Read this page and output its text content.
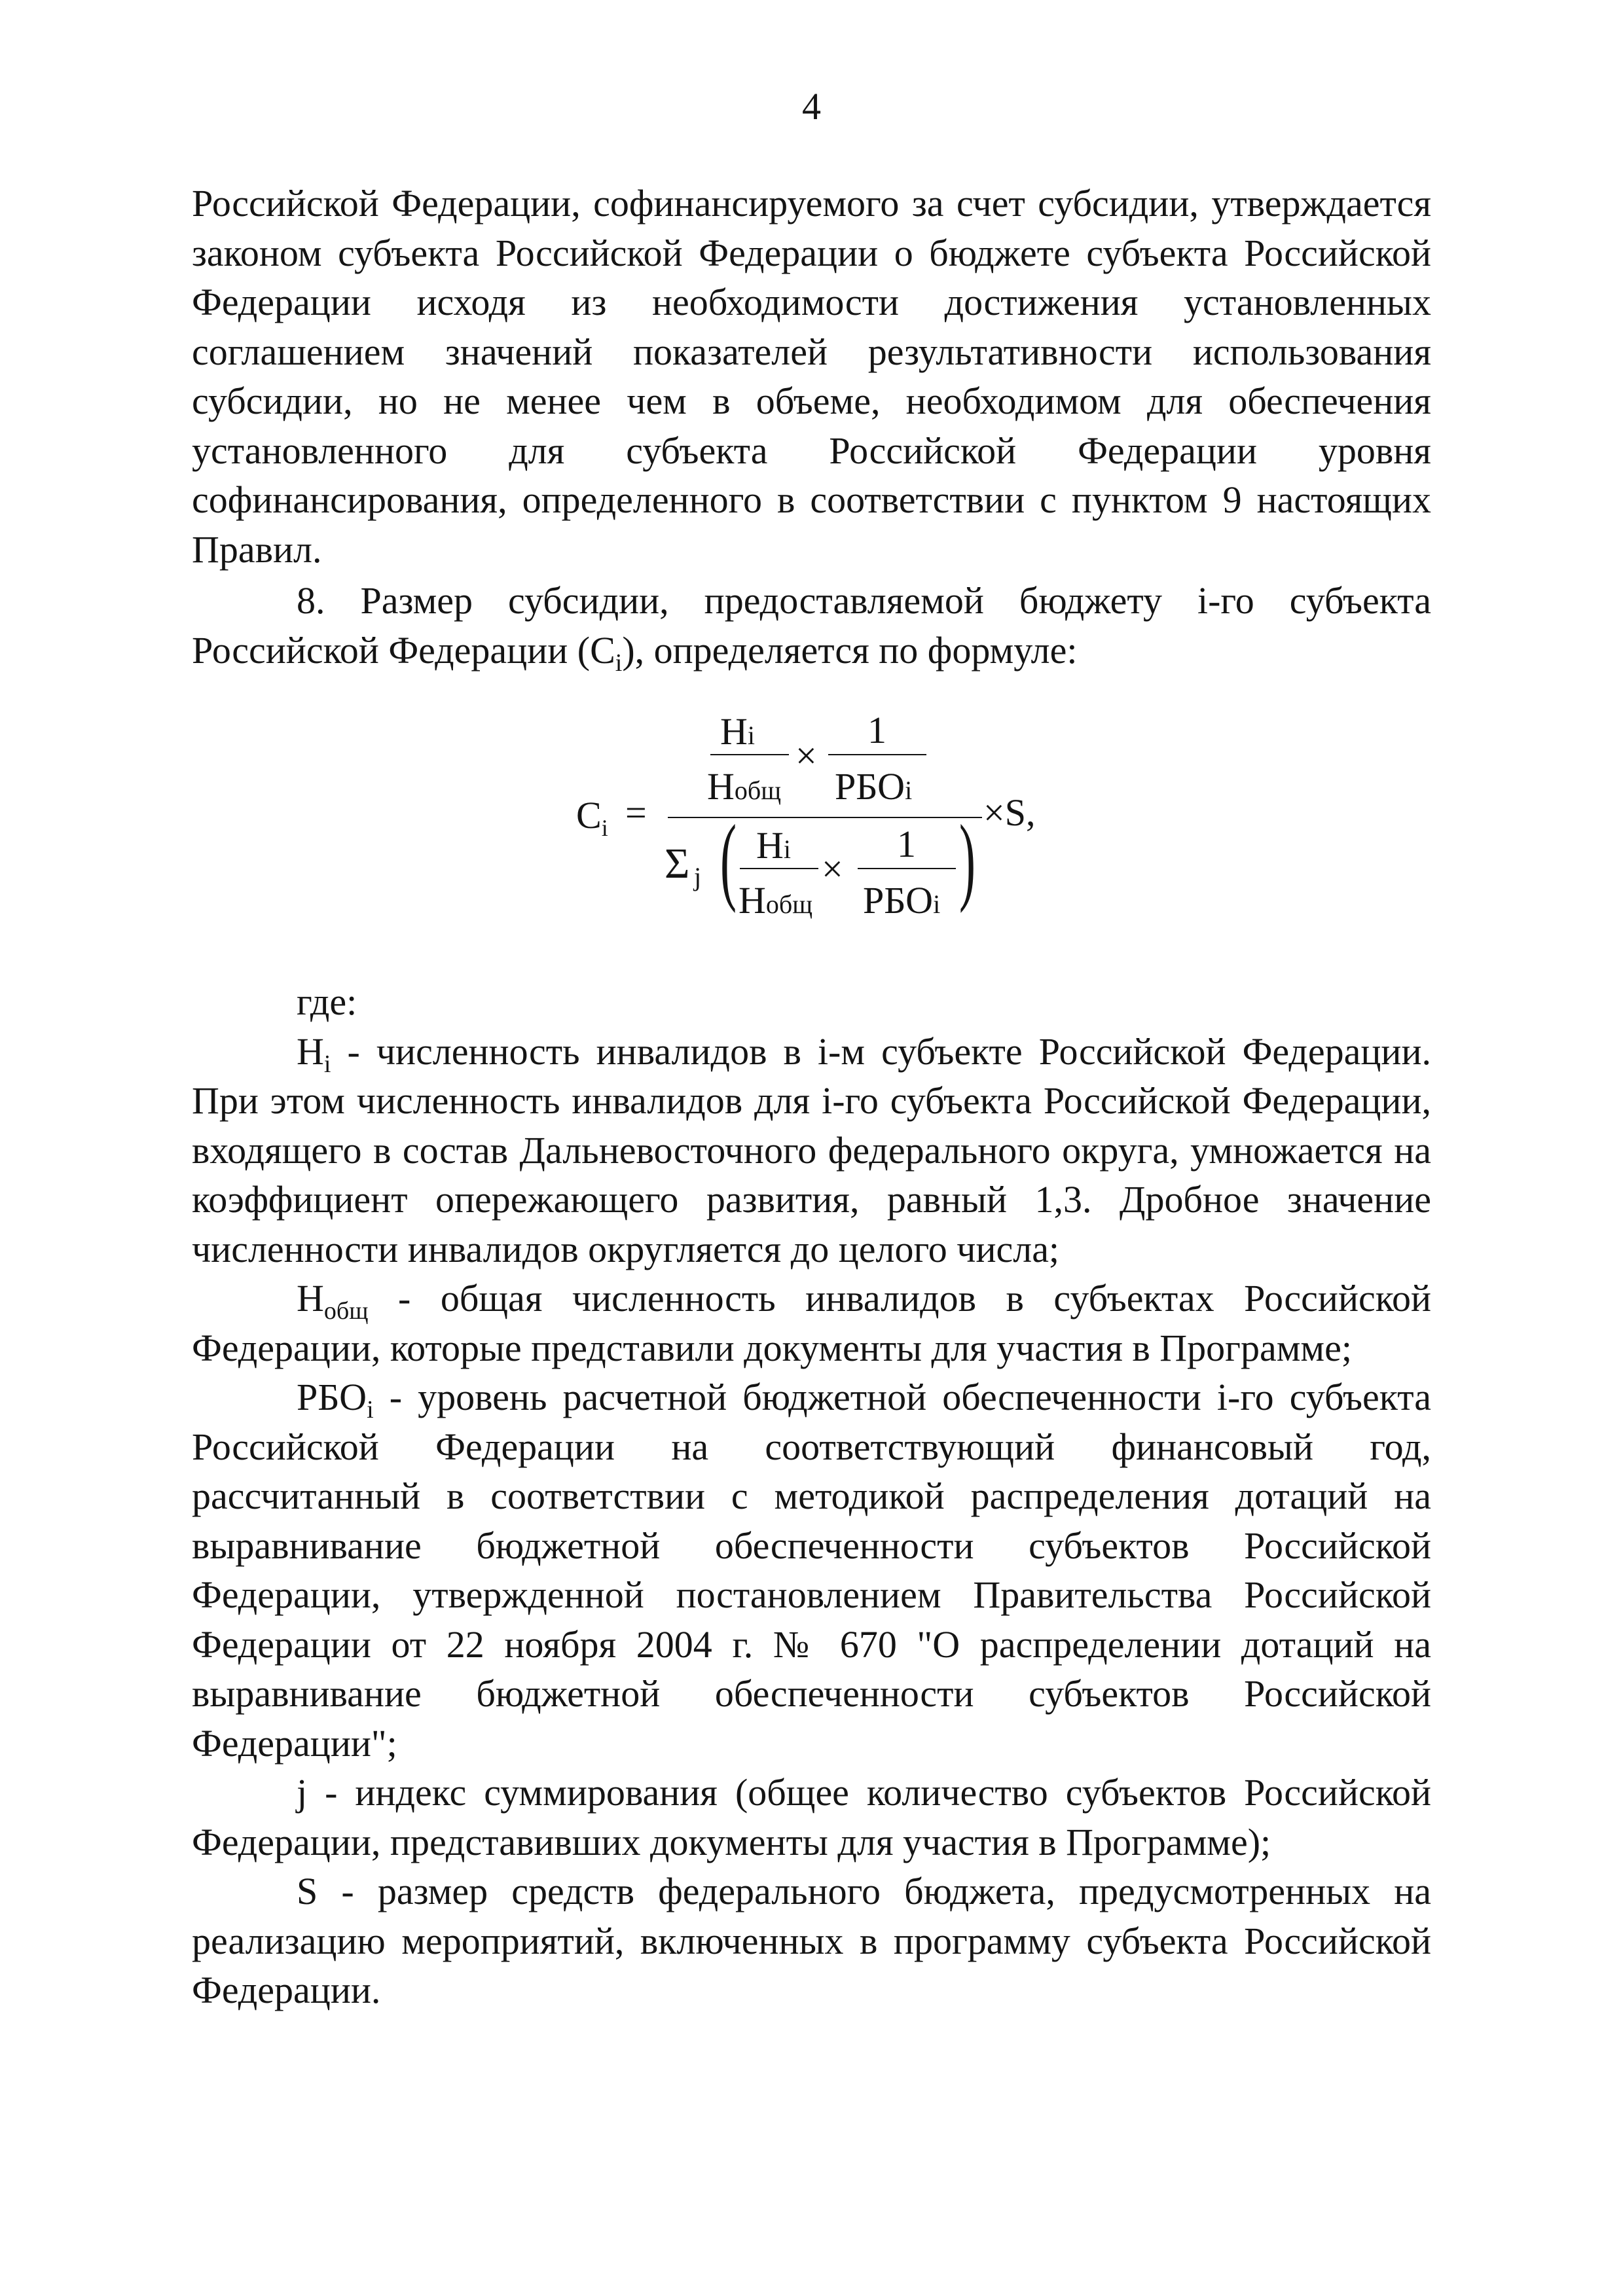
4

Российской Федерации, софинансируемого за счет субсидии, утверждается законом субъекта Российской Федерации о бюджете субъекта Российской Федерации исходя из необходимости достижения установленных соглашением значений показателей результативности использования субсидии, но не менее чем в объеме, необходимом для обеспечения установленного для субъекта Российской Федерации уровня софинансирования, определенного в соответствии с пунктом 9 настоящих Правил.

8. Размер субсидии, предоставляемой бюджету i-го субъекта

Российской Федерации $(C_i)$, определяется по формуле:

$C_i$ =
Hi
Hобщ
×
1
РБОi
Σ j ( Hi
Hобщ
×
1
РБОi ) ×S,

где:

$H_i$ - численность инвалидов в i-м субъекте Российской Федерации. При этом численность инвалидов для i-го субъекта Российской Федерации, входящего в состав Дальневосточного федерального округа, умножается на коэффициент опережающего развития, равный 1,3. Дробное значение численности инвалидов округляется до целого числа;

$H_{общ}$ - общая численность инвалидов в субъектах Российской Федерации, которые представили документы для участия в Программе;

$РБО_i$ - уровень расчетной бюджетной обеспеченности i-го субъекта Российской Федерации на соответствующий финансовый год, рассчитанный в соответствии с методикой распределения дотаций на выравнивание бюджетной обеспеченности субъектов Российской Федерации, утвержденной постановлением Правительства Российской Федерации от 22 ноября 2004 г. № 670 "О распределении дотаций на выравнивание бюджетной обеспеченности субъектов Российской Федерации";

j - индекс суммирования (общее количество субъектов Российской Федерации, представивших документы для участия в Программе);

S - размер средств федерального бюджета, предусмотренных на реализацию мероприятий, включенных в программу субъекта Российской Федерации.
